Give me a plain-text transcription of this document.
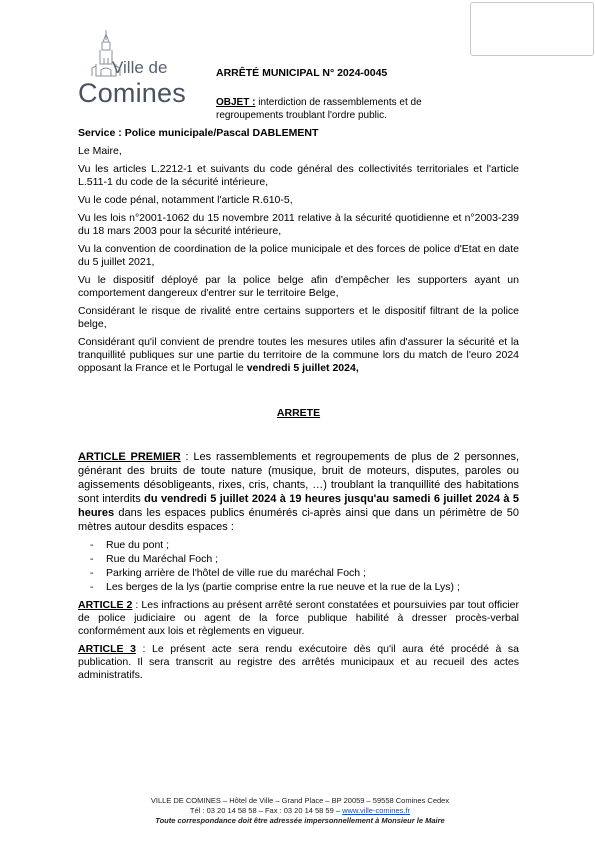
Ville de
Comines
ARRÊTÉ MUNICIPAL N° 2024-0045
OBJET : interdiction de rassemblements et de regroupements troublant l'ordre public.

Service : Police municipale/Pascal DABLEMENT

Le Maire,

Vu les articles L.2212-1 et suivants du code général des collectivités territoriales et l'article L.511-1 du code de la sécurité intérieure,

Vu le code pénal, notamment l'article R.610-5,

Vu les lois n°2001-1062 du 15 novembre 2011 relative à la sécurité quotidienne et n°2003-239 du 18 mars 2003 pour la sécurité intérieure,

Vu la convention de coordination de la police municipale et des forces de police d'Etat en date du 5 juillet 2021,

Vu le dispositif déployé par la police belge afin d'empêcher les supporters ayant un comportement dangereux d'entrer sur le territoire Belge,

Considérant le risque de rivalité entre certains supporters et le dispositif filtrant de la police belge,

Considérant qu'il convient de prendre toutes les mesures utiles afin d'assurer la sécurité et la tranquillité publiques sur une partie du territoire de la commune lors du match de l'euro 2024 opposant la France et le Portugal le vendredi 5 juillet 2024,

ARRETE

ARTICLE PREMIER : Les rassemblements et regroupements de plus de 2 personnes, générant des bruits de toute nature (musique, bruit de moteurs, disputes, paroles ou agissements désobligeants, rixes, cris, chants, …) troublant la tranquillité des habitations sont interdits du vendredi 5 juillet 2024 à 19 heures jusqu'au samedi 6 juillet 2024 à 5 heures dans les espaces publics énumérés ci-après ainsi que dans un périmètre de 50 mètres autour desdits espaces :

- Rue du pont ;
- Rue du Maréchal Foch ;
- Parking arrière de l'hôtel de ville rue du maréchal Foch ;
- Les berges de la lys (partie comprise entre la rue neuve et la rue de la Lys) ;

ARTICLE 2 : Les infractions au présent arrêté seront constatées et poursuivies par tout officier de police judiciaire ou agent de la force publique habilité à dresser procès-verbal conformément aux lois et règlements en vigueur.

ARTICLE 3 : Le présent acte sera rendu exécutoire dès qu'il aura été procédé à sa publication. Il sera transcrit au registre des arrêtés municipaux et au recueil des actes administratifs.

VILLE DE COMINES – Hôtel de Ville – Grand Place – BP 20059 – 59558 Comines Cedex
Tél : 03 20 14 58 58 – Fax : 03 20 14 58 59 – www.ville-comines.fr
Toute correspondance doit être adressée impersonnellement à Monsieur le Maire
